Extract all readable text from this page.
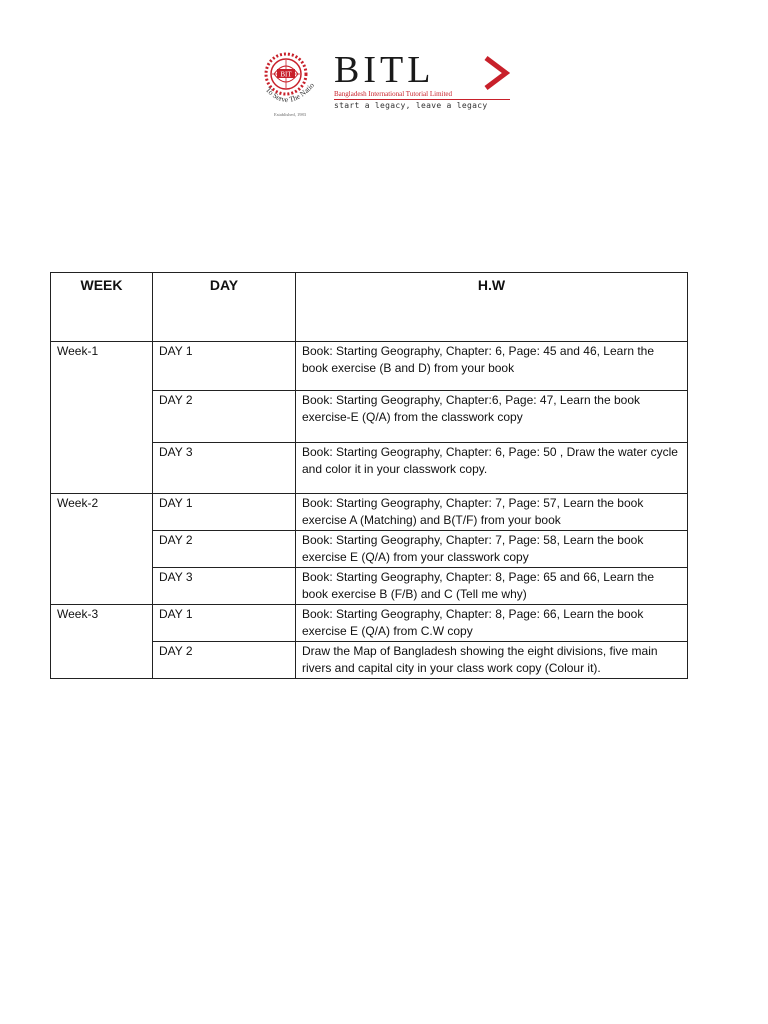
BIT
To Serve The Natio
Established, 1983
BITL
Bangladesh International Tutorial Limited
start a legacy, leave a legacy
WEEK	DAY	H.W
Week-1	DAY 1	Book: Starting Geography, Chapter: 6, Page: 45 and 46, Learn the book exercise (B and D) from your book
	DAY 2	Book: Starting Geography, Chapter:6, Page: 47, Learn the book exercise-E (Q/A) from the classwork copy
	DAY 3	Book: Starting Geography, Chapter: 6, Page: 50 , Draw the water cycle and color it in your classwork copy.
Week-2	DAY 1	Book: Starting Geography, Chapter: 7, Page: 57, Learn the book exercise A (Matching) and B(T/F) from your book
	DAY 2	Book: Starting Geography, Chapter: 7, Page: 58, Learn the book exercise E (Q/A) from your classwork copy
	DAY 3	Book: Starting Geography, Chapter: 8, Page: 65 and 66, Learn the book exercise B (F/B) and C (Tell me why)
Week-3	DAY 1	Book: Starting Geography, Chapter: 8, Page: 66, Learn the book exercise E (Q/A) from C.W copy
	DAY 2	Draw the Map of Bangladesh showing the eight divisions, five main rivers and capital city in your class work copy (Colour it).
